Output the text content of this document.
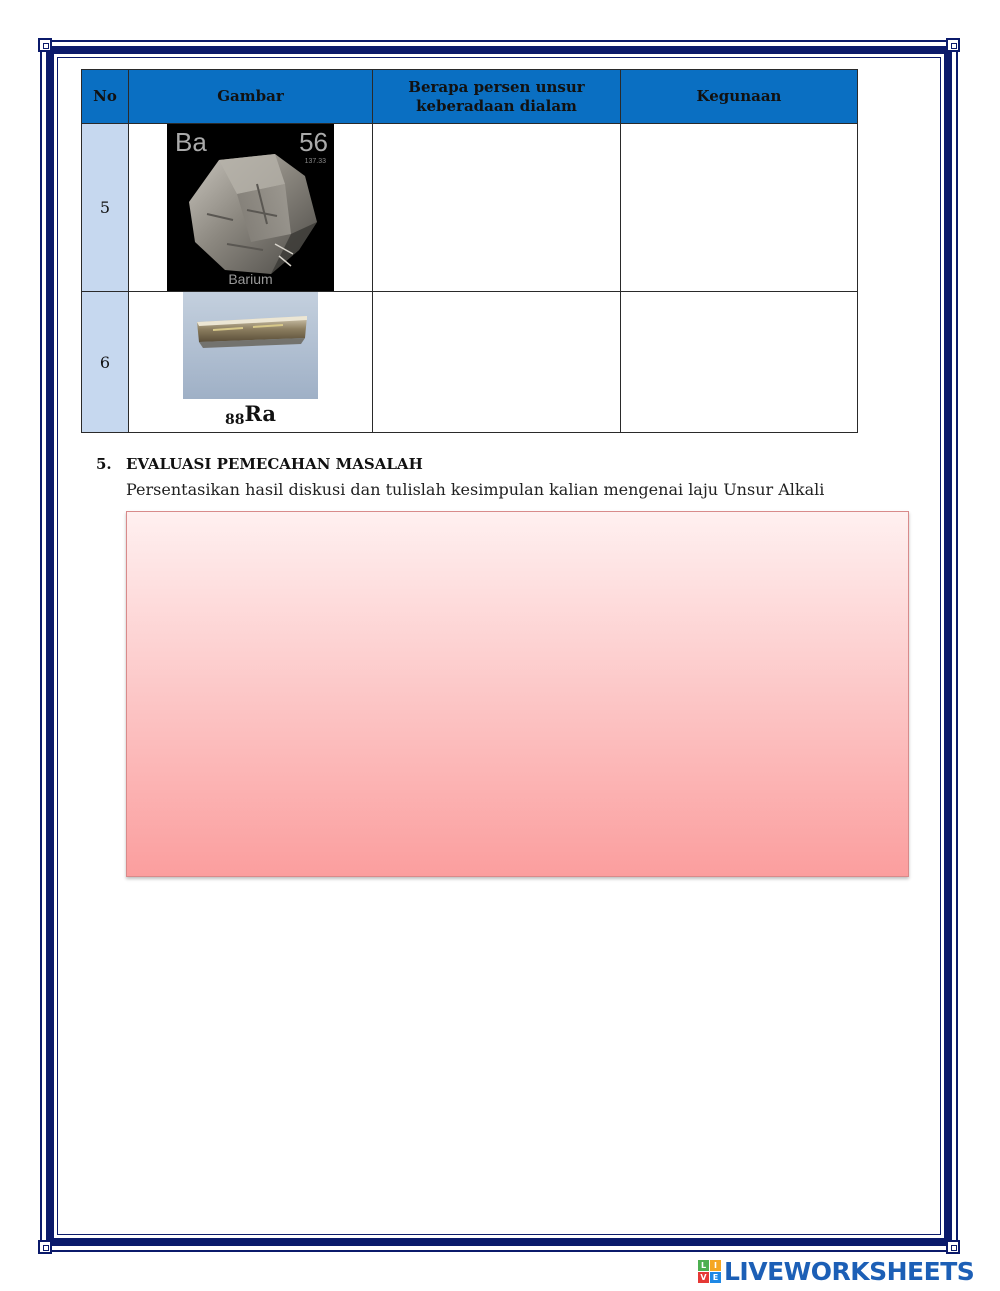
No	Gambar	Berapa persen unsur keberadaan dialam	Kegunaan
5	Ba 56
137.33
Barium		

6	$_{88}$Ra		

5. EVALUASI PEMECAHAN MASALAH
Persentasikan hasil diskusi dan tulislah kesimpulan kalian mengenai laju Unsur Alkali
L I
V E LIVEWORKSHEETS
